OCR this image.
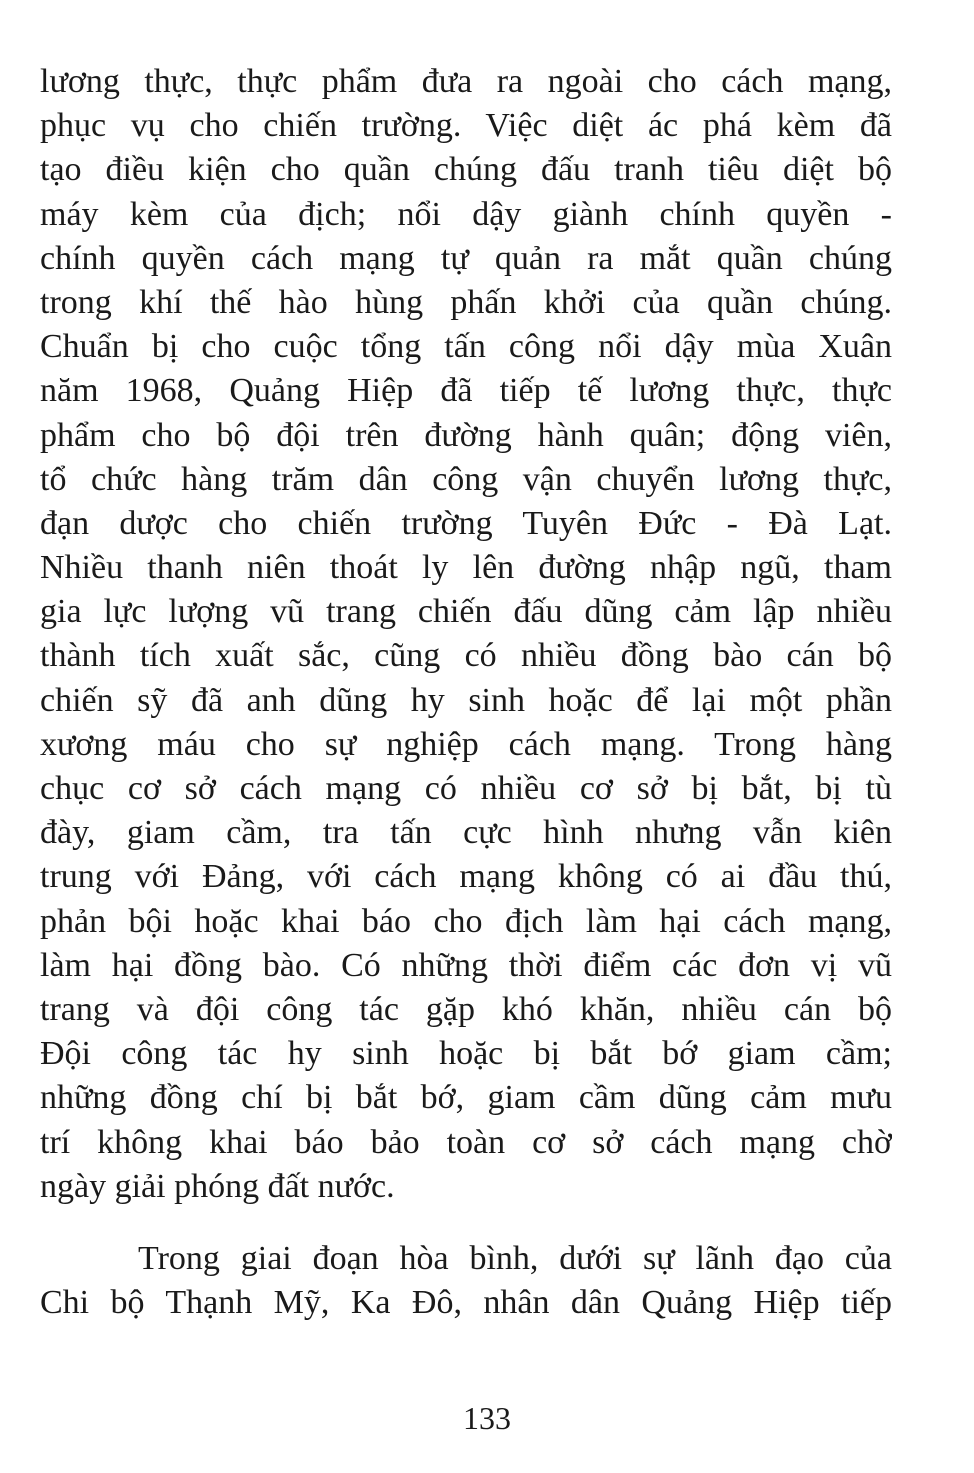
lương thực, thực phẩm đưa ra ngoài cho cách mạng,
phục vụ cho chiến trường. Việc diệt ác phá kèm đã
tạo điều kiện cho quần chúng đấu tranh tiêu diệt bộ
máy kèm của địch; nổi dậy giành chính quyền -
chính quyền cách mạng tự quản ra mắt quần chúng
trong khí thế hào hùng phấn khởi của quần chúng.
Chuẩn bị cho cuộc tổng tấn công nổi dậy mùa Xuân
năm 1968, Quảng Hiệp đã tiếp tế lương thực, thực
phẩm cho bộ đội trên đường hành quân; động viên,
tổ chức hàng trăm dân công vận chuyển lương thực,
đạn dược cho chiến trường Tuyên Đức - Đà Lạt.
Nhiều thanh niên thoát ly lên đường nhập ngũ, tham
gia lực lượng vũ trang chiến đấu dũng cảm lập nhiều
thành tích xuất sắc, cũng có nhiều đồng bào cán bộ
chiến sỹ đã anh dũng hy sinh hoặc để lại một phần
xương máu cho sự nghiệp cách mạng. Trong hàng
chục cơ sở cách mạng có nhiều cơ sở bị bắt, bị tù
đày, giam cầm, tra tấn cực hình nhưng vẫn kiên
trung với Đảng, với cách mạng không có ai đầu thú,
phản bội hoặc khai báo cho địch làm hại cách mạng,
làm hại đồng bào. Có những thời điểm các đơn vị vũ
trang và đội công tác gặp khó khăn, nhiều cán bộ
Đội công tác hy sinh hoặc bị bắt bớ giam cầm;
những đồng chí bị bắt bớ, giam cầm dũng cảm mưu
trí không khai báo bảo toàn cơ sở cách mạng chờ
ngày giải phóng đất nước.
Trong giai đoạn hòa bình, dưới sự lãnh đạo của
Chi bộ Thạnh Mỹ, Ka Đô, nhân dân Quảng Hiệp tiếp
133
